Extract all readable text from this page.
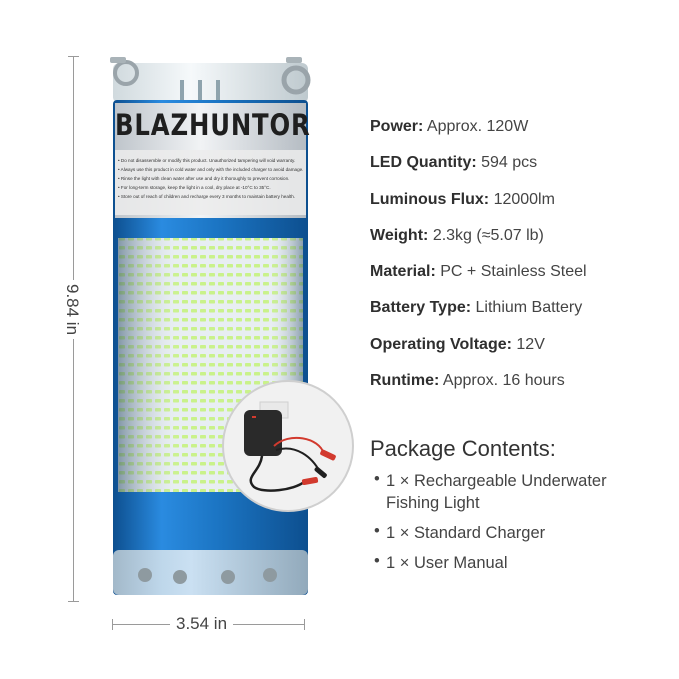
BLAZHUNTOR
• Do not disassemble or modify this product. Unauthorized tampering will void warranty.
• Always use this product in cold water and only with the included charger to avoid damage.
• Rinse the light with clean water after use and dry it thoroughly to prevent corrosion.
• For long-term storage, keep the light in a cool, dry place at -10°C to 35°C.
• Store out of reach of children and recharge every 3 months to maintain battery health.
9.84 in
3.54 in
Power: Approx. 120W
LED Quantity: 594 pcs
Luminous Flux: 12000lm
Weight: 2.3kg (≈5.07 lb)
Material: PC + Stainless Steel
Battery Type: Lithium Battery
Operating Voltage: 12V
Runtime: Approx. 16 hours
Package Contents:
• 1 × Rechargeable Underwater Fishing Light
• 1 × Standard Charger
• 1 × User Manual
